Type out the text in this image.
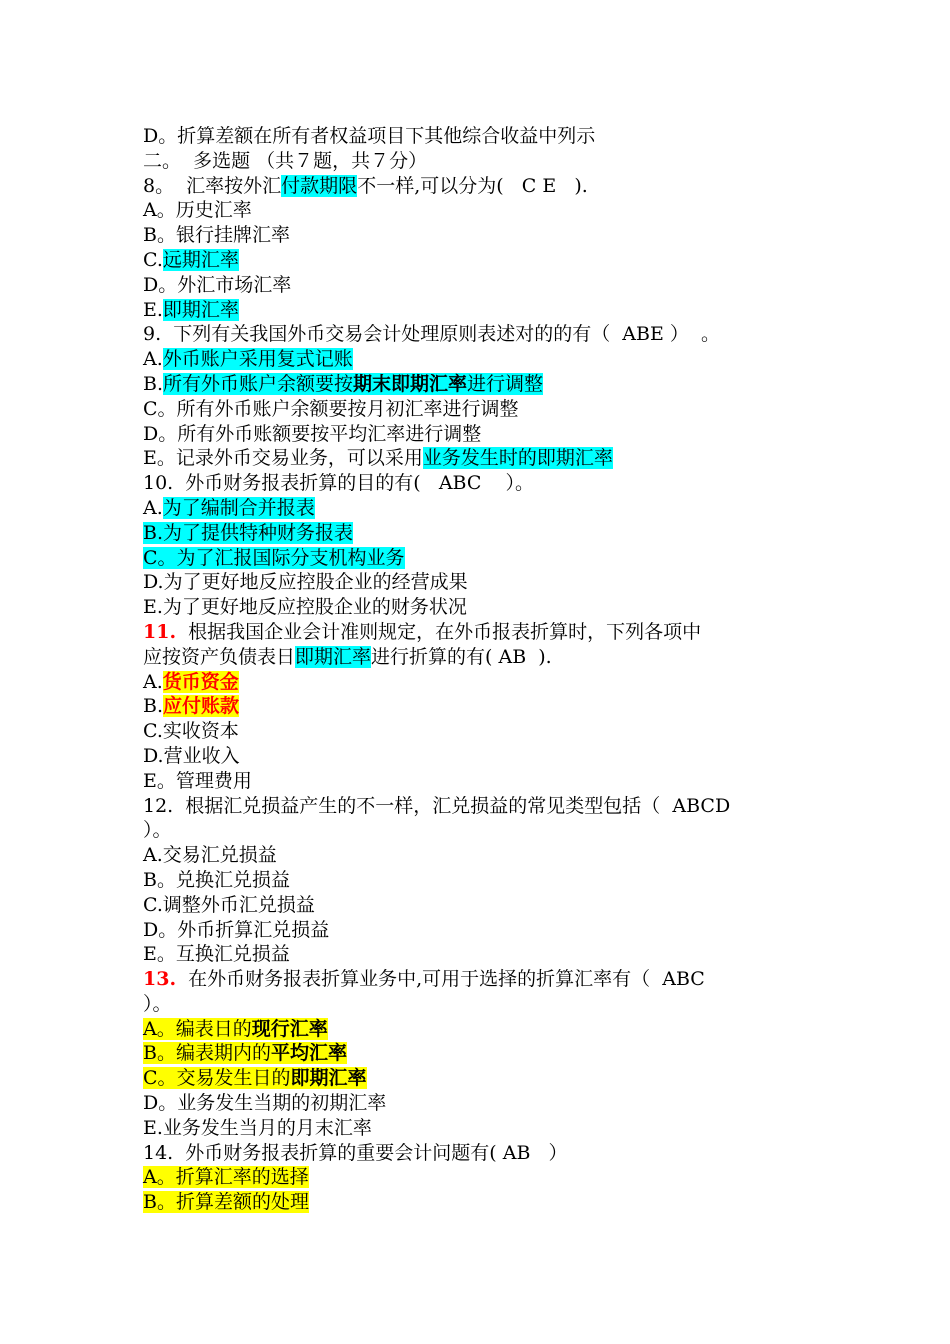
D。折算差额在所有者权益项目下其他综合收益中列示
二。  多选题 （共７题，共７分）
8。  汇率按外汇付款期限不一样,可以分为(   C E   ).
A。历史汇率
B。银行挂牌汇率
C.远期汇率
D。外汇市场汇率
E.即期汇率
9.  下列有关我国外币交易会计处理原则表述对的的有（  ABE ）  。
A.外币账户采用复式记账
B.所有外币账户余额要按期末即期汇率进行调整
C。所有外币账户余额要按月初汇率进行调整
D。所有外币账额要按平均汇率进行调整
E。记录外币交易业务，可以采用业务发生时的即期汇率
10.  外币财务报表折算的目的有(   ABC    ）。
A.为了编制合并报表
B.为了提供特种财务报表
C。为了汇报国际分支机构业务
D.为了更好地反应控股企业的经营成果
E.为了更好地反应控股企业的财务状况
11.  根据我国企业会计准则规定，在外币报表折算时，下列各项中
应按资产负债表日即期汇率进行折算的有( AB  ).
A.货币资金
B.应付账款
C.实收资本
D.营业收入
E。管理费用
12.  根据汇兑损益产生的不一样，汇兑损益的常见类型包括（  ABCD
）。
A.交易汇兑损益
B。兑换汇兑损益
C.调整外币汇兑损益
D。外币折算汇兑损益
E。互换汇兑损益
13.  在外币财务报表折算业务中,可用于选择的折算汇率有（  ABC
）。
A。编表日的现行汇率
B。编表期内的平均汇率
C。交易发生日的即期汇率
D。业务发生当期的初期汇率
E.业务发生当月的月末汇率
14.  外币财务报表折算的重要会计问题有( AB   ）
A。折算汇率的选择
B。折算差额的处理
